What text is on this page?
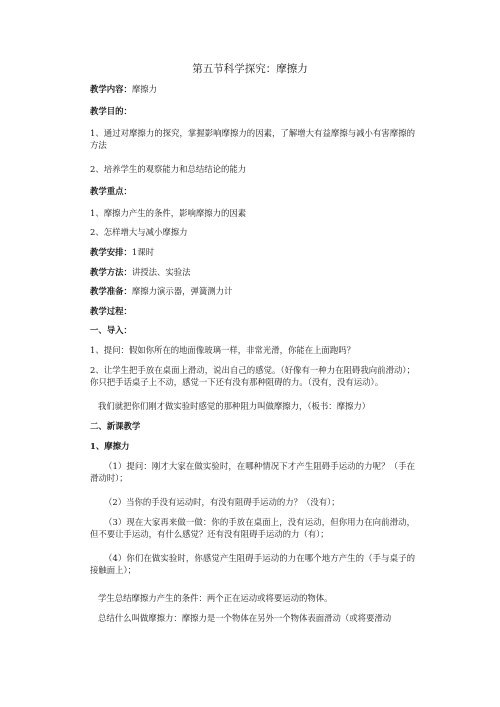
第五节科学探究：摩擦力
教学内容：摩擦力
教学目的：
1、通过对摩擦力的探究，掌握影响摩擦力的因素，了解增大有益摩擦与减小有害摩擦的方法
2、培养学生的观察能力和总结结论的能力
教学重点：
1、摩擦力产生的条件，影响摩擦力的因素
2、怎样增大与减小摩擦力
教学安排：1课时
教学方法：讲授法、实验法
教学准备：摩擦力演示器，弹簧测力计
教学过程：
一、导入：
1、提问：假如你所在的地面像玻璃一样，非常光滑，你能在上面跑吗？
2、让学生把手放在桌面上滑动，说出自己的感觉。（好像有一种力在阻碍我向前滑动）；你只把手话桌子上不动，感觉一下还有没有那种阻碍的力。（没有，没有运动）。
我们就把你们刚才做实验时感觉的那种阻力叫做摩擦力，（板书：摩擦力）
二、新课教学
1、摩擦力
（1）提问：刚才大家在做实验时，在哪种情况下才产生阻碍手运动的力呢？（手在滑动时）；
（2）当你的手没有运动时，有没有阻碍手运动的力？（没有）；
（3）现在大家再来做一做：你的手放在桌面上，没有运动，但你用力在向前滑动，但不要让手运动，有什么感觉？还有没有阻碍手运动的力（有）；
（4）你们在做实验时，你感觉产生阻碍手运动的力在哪个地方产生的（手与桌子的接触面上）；
学生总结摩擦力产生的条件：两个正在运动或将要运动的物体。
总结什么叫做摩擦力：摩擦力是一个物体在另外一个物体表面滑动（或将要滑动
